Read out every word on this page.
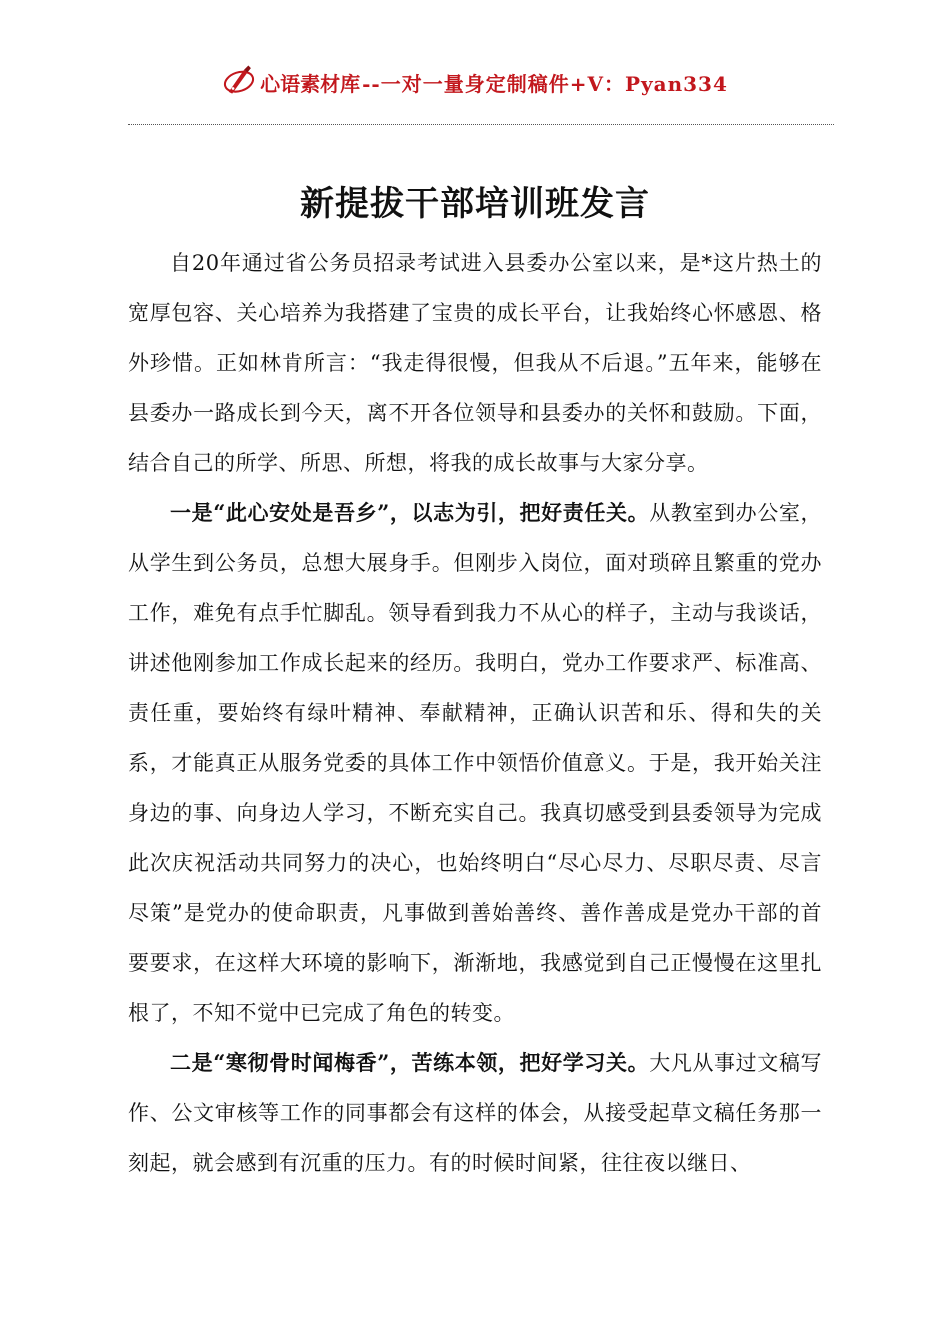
心语素材库 --一对一量身定制稿件+V：Pyan334
新提拔干部培训班发言

自20年通过省公务员招录考试进入县委办公室以来，是*这片热土的宽厚包容、关心培养为我搭建了宝贵的成长平台，让我始终心怀感恩、格外珍惜。正如林肯所言：“我走得很慢，但我从不后退。”五年来，能够在县委办一路成长到今天，离不开各位领导和县委办的关怀和鼓励。下面，结合自己的所学、所思、所想，将我的成长故事与大家分享。

一是“此心安处是吾乡”，以志为引，把好责任关。从教室到办公室，从学生到公务员，总想大展身手。但刚步入岗位，面对琐碎且繁重的党办工作，难免有点手忙脚乱。领导看到我力不从心的样子，主动与我谈话，讲述他刚参加工作成长起来的经历。我明白，党办工作要求严、标准高、责任重，要始终有绿叶精神、奉献精神，正确认识苦和乐、得和失的关系，才能真正从服务党委的具体工作中领悟价值意义。于是，我开始关注身边的事、向身边人学习，不断充实自己。我真切感受到县委领导为完成此次庆祝活动共同努力的决心，也始终明白“尽心尽力、尽职尽责、尽言尽策”是党办的使命职责，凡事做到善始善终、善作善成是党办干部的首要要求，在这样大环境的影响下，渐渐地，我感觉到自己正慢慢在这里扎根了，不知不觉中已完成了角色的转变。

二是“寒彻骨时闻梅香”，苦练本领，把好学习关。大凡从事过文稿写作、公文审核等工作的同事都会有这样的体会，从接受起草文稿任务那一刻起，就会感到有沉重的压力。有的时候时间紧，往往夜以继日、
